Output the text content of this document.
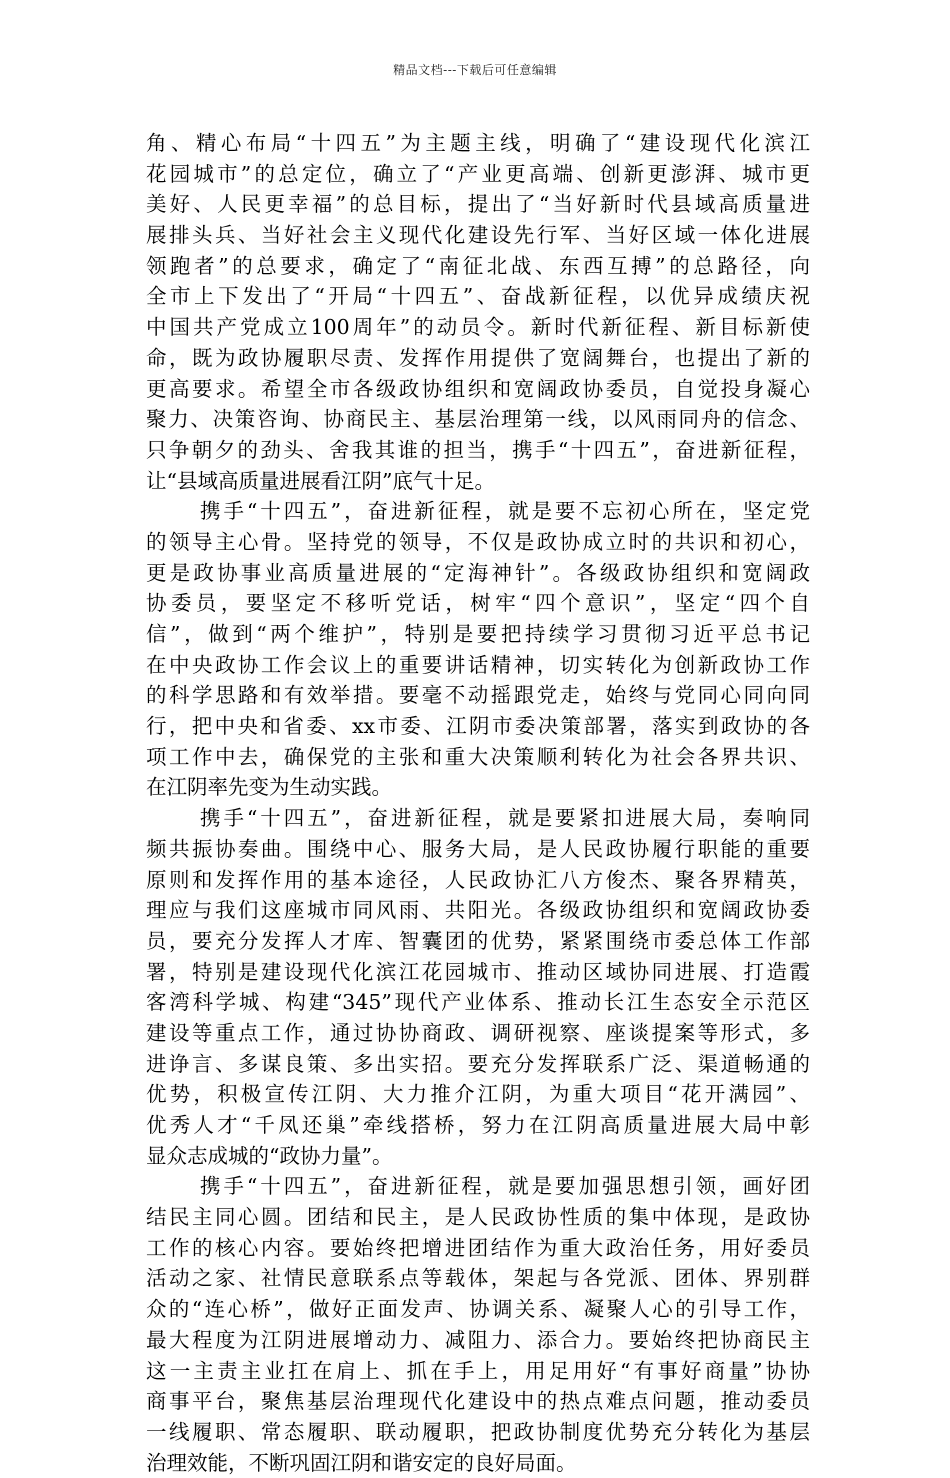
精品文档---下载后可任意编辑
角、精心布局“十四五”为主题主线，明确了“建设现代化滨江
花园城市”的总定位，确立了“产业更高端、创新更澎湃、城市更
美好、人民更幸福”的总目标，提出了“当好新时代县域高质量进
展排头兵、当好社会主义现代化建设先行军、当好区域一体化进展
领跑者”的总要求，确定了“南征北战、东西互搏”的总路径，向
全市上下发出了“开局“十四五”、奋战新征程，以优异成绩庆祝
中国共产党成立100周年”的动员令。新时代新征程、新目标新使
命，既为政协履职尽责、发挥作用提供了宽阔舞台，也提出了新的
更高要求。希望全市各级政协组织和宽阔政协委员，自觉投身凝心
聚力、决策咨询、协商民主、基层治理第一线，以风雨同舟的信念、
只争朝夕的劲头、舍我其谁的担当，携手“十四五”，奋进新征程，
让“县域高质量进展看江阴”底气十足。
携手“十四五”，奋进新征程，就是要不忘初心所在，坚定党
的领导主心骨。坚持党的领导，不仅是政协成立时的共识和初心，
更是政协事业高质量进展的“定海神针”。各级政协组织和宽阔政
协委员，要坚定不移听党话，树牢“四个意识”，坚定“四个自
信”，做到“两个维护”，特别是要把持续学习贯彻习近平总书记
在中央政协工作会议上的重要讲话精神，切实转化为创新政协工作
的科学思路和有效举措。要毫不动摇跟党走，始终与党同心同向同
行，把中央和省委、xx市委、江阴市委决策部署，落实到政协的各
项工作中去，确保党的主张和重大决策顺利转化为社会各界共识、
在江阴率先变为生动实践。
携手“十四五”，奋进新征程，就是要紧扣进展大局，奏响同
频共振协奏曲。围绕中心、服务大局，是人民政协履行职能的重要
原则和发挥作用的基本途径，人民政协汇八方俊杰、聚各界精英，
理应与我们这座城市同风雨、共阳光。各级政协组织和宽阔政协委
员，要充分发挥人才库、智囊团的优势，紧紧围绕市委总体工作部
署，特别是建设现代化滨江花园城市、推动区域协同进展、打造霞
客湾科学城、构建“345”现代产业体系、推动长江生态安全示范区
建设等重点工作，通过协协商政、调研视察、座谈提案等形式，多
进诤言、多谋良策、多出实招。要充分发挥联系广泛、渠道畅通的
优势，积极宣传江阴、大力推介江阴，为重大项目“花开满园”、
优秀人才“千凤还巢”牵线搭桥，努力在江阴高质量进展大局中彰
显众志成城的“政协力量”。
携手“十四五”，奋进新征程，就是要加强思想引领，画好团
结民主同心圆。团结和民主，是人民政协性质的集中体现，是政协
工作的核心内容。要始终把增进团结作为重大政治任务，用好委员
活动之家、社情民意联系点等载体，架起与各党派、团体、界别群
众的“连心桥”，做好正面发声、协调关系、凝聚人心的引导工作，
最大程度为江阴进展增动力、减阻力、添合力。要始终把协商民主
这一主责主业扛在肩上、抓在手上，用足用好“有事好商量”协协
商事平台，聚焦基层治理现代化建设中的热点难点问题，推动委员
一线履职、常态履职、联动履职，把政协制度优势充分转化为基层
治理效能，不断巩固江阴和谐安定的良好局面。
